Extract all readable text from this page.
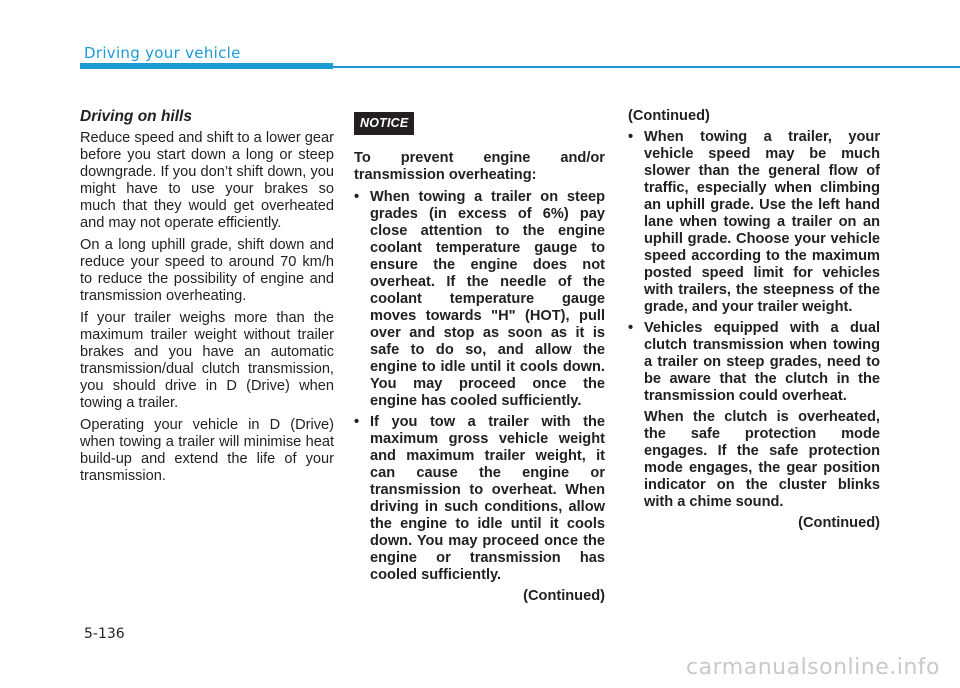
Driving your vehicle
Driving on hills

Reduce speed and shift to a lower gear before you start down a long or steep downgrade. If you don’t shift down, you might have to use your brakes so much that they would get overheated and may not operate efficiently.

On a long uphill grade, shift down and reduce your speed to around 70 km/h to reduce the possibility of engine and transmission overheating.

If your trailer weighs more than the maximum trailer weight without trailer brakes and you have an automatic transmission/dual clutch transmission, you should drive in D (Drive) when towing a trailer.

Operating your vehicle in D (Drive) when towing a trailer will minimise heat build-up and extend the life of your transmission.

NOTICE

To prevent engine and/or transmission overheating:

• When towing a trailer on steep grades (in excess of 6%) pay close attention to the engine coolant temperature gauge to ensure the engine does not overheat. If the needle of the coolant temperature gauge moves towards "H" (HOT), pull over and stop as soon as it is safe to do so, and allow the engine to idle until it cools down. You may proceed once the engine has cooled sufficiently.

• If you tow a trailer with the maximum gross vehicle weight and maximum trailer weight, it can cause the engine or transmission to overheat. When driving in such conditions, allow the engine to idle until it cools down. You may proceed once the engine or transmission has cooled sufficiently.

(Continued)
(Continued)

• When towing a trailer, your vehicle speed may be much slower than the general flow of traffic, especially when climbing an uphill grade. Use the left hand lane when towing a trailer on an uphill grade. Choose your vehicle speed according to the maximum posted speed limit for vehicles with trailers, the steepness of the grade, and your trailer weight.

• Vehicles equipped with a dual clutch transmission when towing a trailer on steep grades, need to be aware that the clutch in the transmission could overheat.

When the clutch is overheated, the safe protection mode engages. If the safe protection mode engages, the gear position indicator on the cluster blinks with a chime sound.

(Continued)
5-136
carmanualsonline.info
